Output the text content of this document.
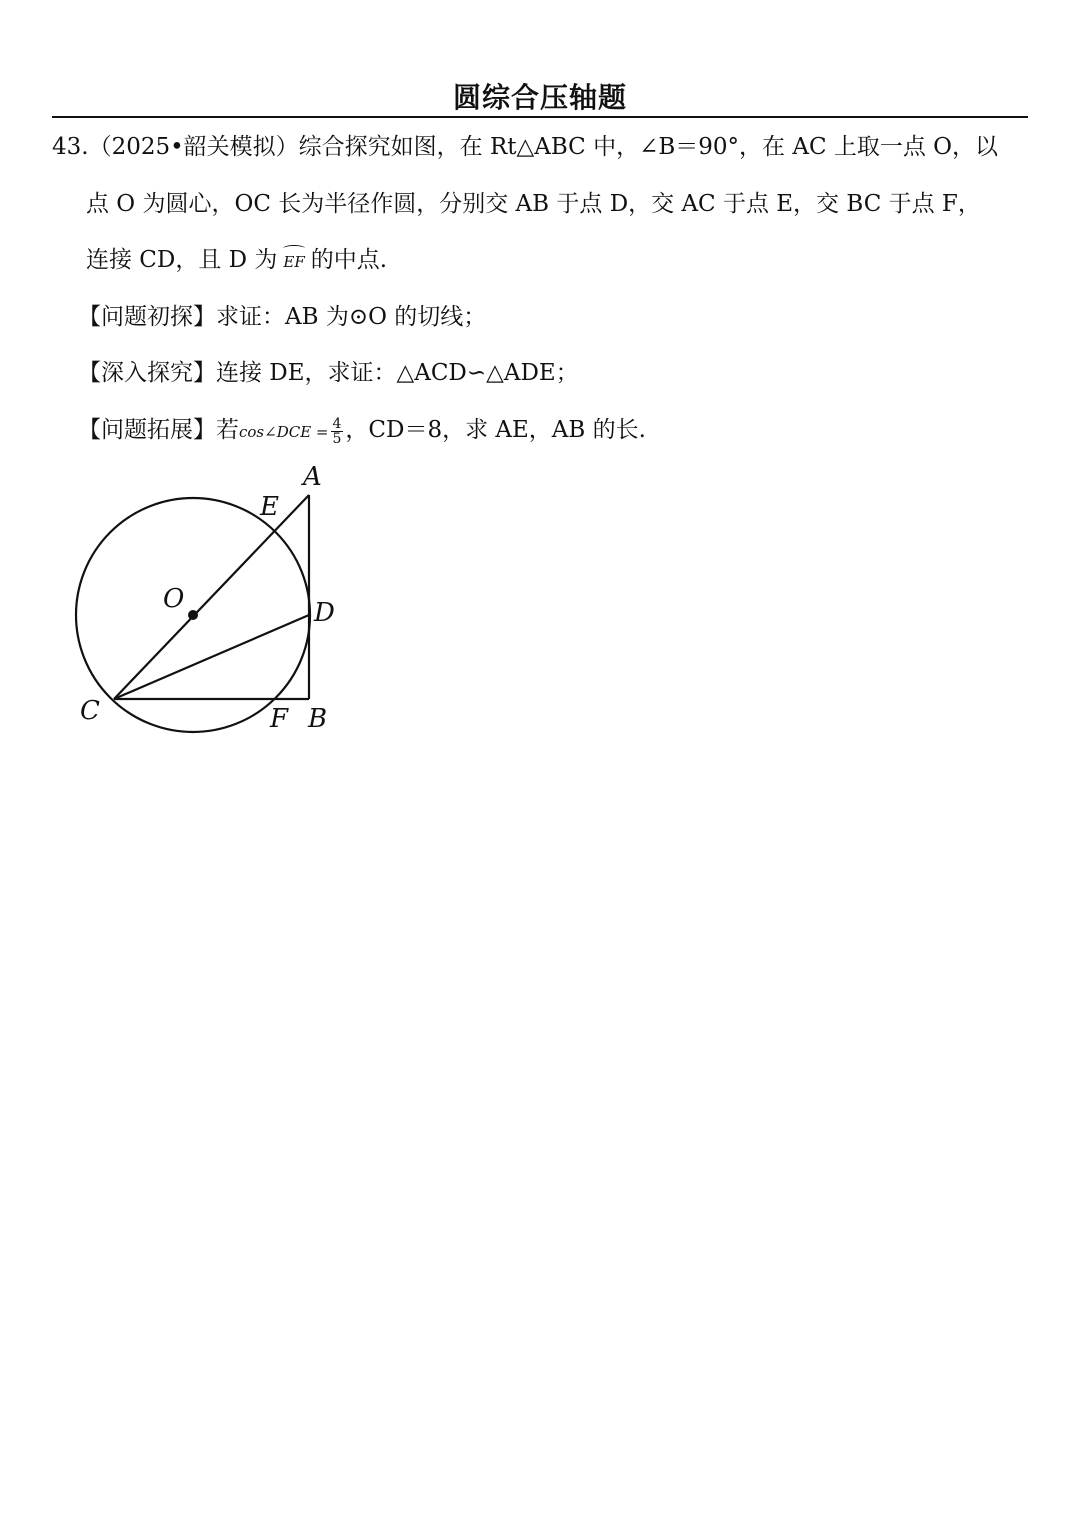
圆综合压轴题
43.（2025•韶关模拟）综合探究如图，在 Rt△ABC 中，∠B＝90°，在 AC 上取一点 O，以
点 O 为圆心，OC 长为半径作圆，分别交 AB 于点 D，交 AC 于点 E，交 BC 于点 F，
连接 CD，且 D 为 EF 的中点.
【问题初探】求证：AB 为⊙O 的切线；
【深入探究】连接 DE，求证：△ACD∽△ADE；
【问题拓展】若cos∠DCE = $\frac{4}{5}$ ，CD＝8，求 AE，AB 的长.
A
E
O	D
C	F B
